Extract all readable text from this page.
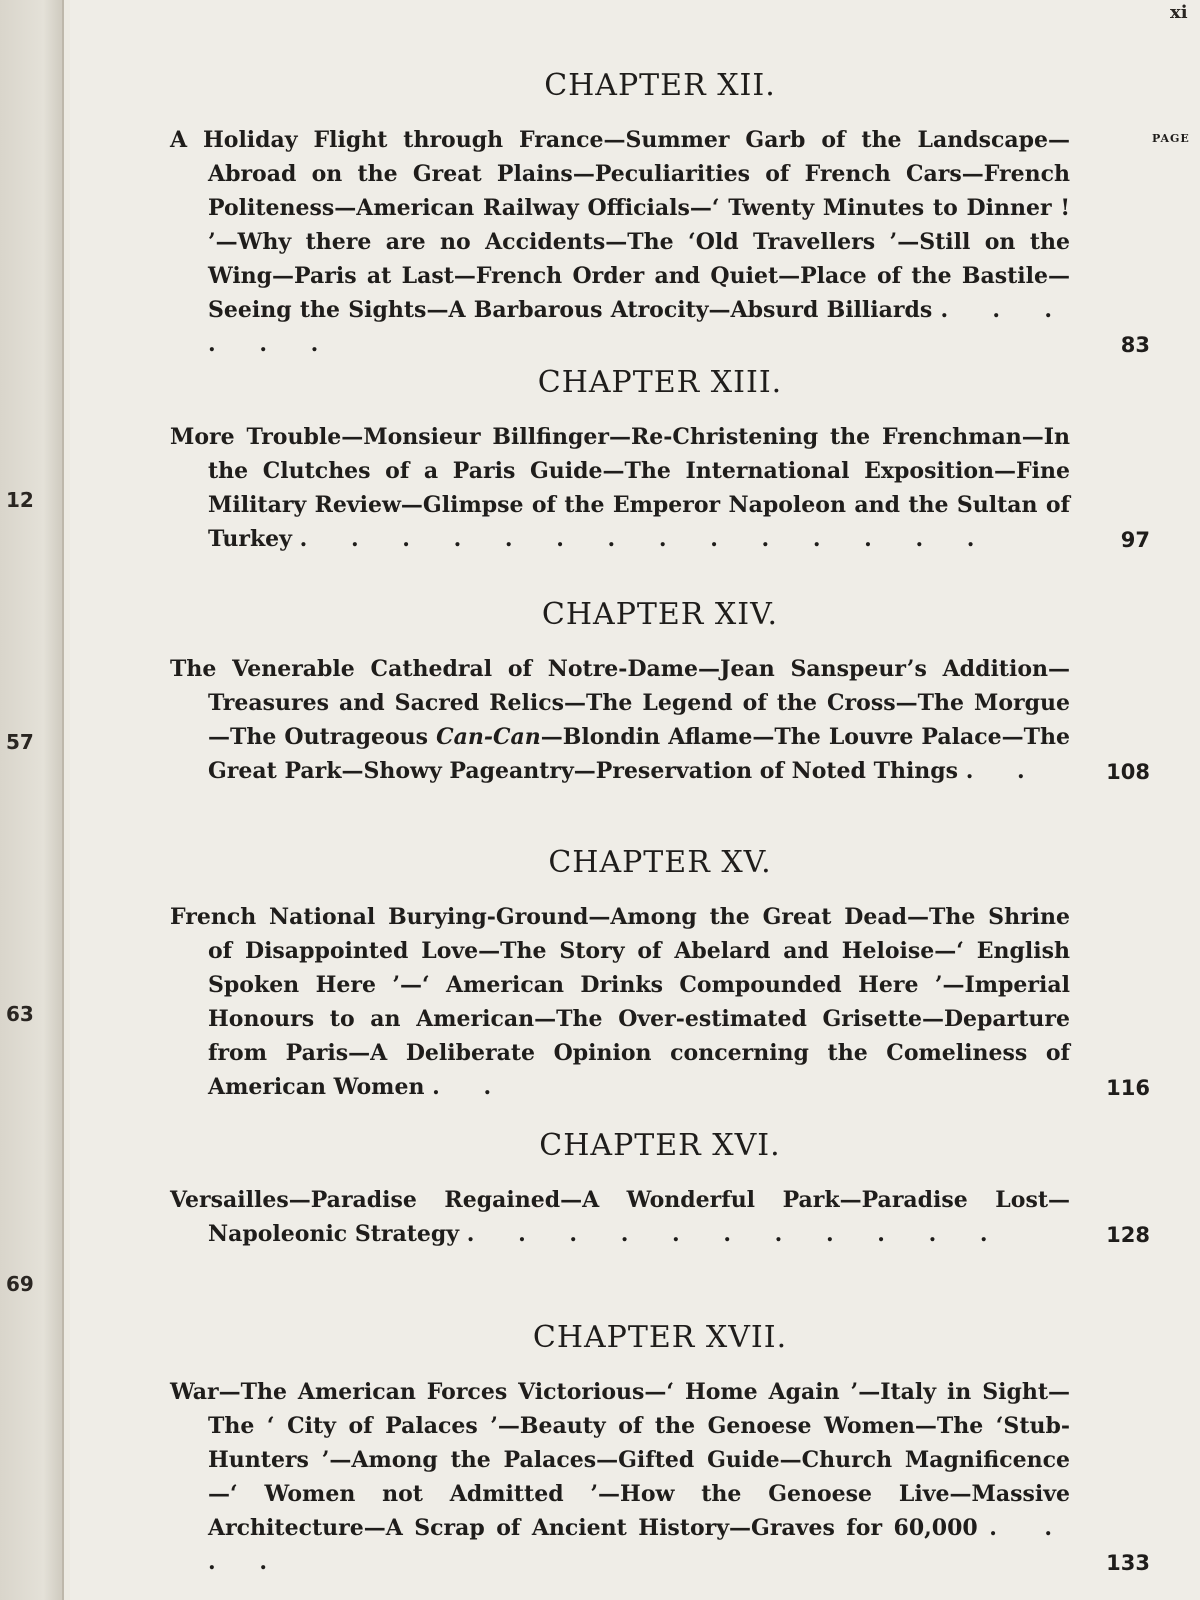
12
57
63
69
xi
PAGE
CHAPTER XII.

A Holiday Flight through France—Summer Garb of the Landscape—Abroad on the Great Plains—Peculiarities of French Cars—French Politeness—American Railway Officials—‘ Twenty Minutes to Dinner ! ’—Why there are no Accidents—The ‘Old Travellers ’—Still on the Wing—Paris at Last—French Order and Quiet—Place of the Bastile—Seeing the Sights—A Barbarous Atrocity—Absurd Billiards . . . . . .	83
CHAPTER XIII.

More Trouble—Monsieur Billfinger—Re-Christening the Frenchman—In the Clutches of a Paris Guide—The International Exposition—Fine Military Review—Glimpse of the Emperor Napoleon and the Sultan of Turkey . . . . . . . . . . . . . .	97
CHAPTER XIV.

The Venerable Cathedral of Notre-Dame—Jean Sanspeur’s Addition—Treasures and Sacred Relics—The Legend of the Cross—The Morgue—The Outrageous Can-Can—Blondin Aflame—The Louvre Palace—The Great Park—Showy Pageantry—Preservation of Noted Things . .	108
CHAPTER XV.

French National Burying-Ground—Among the Great Dead—The Shrine of Disappointed Love—The Story of Abelard and Heloise—‘ English Spoken Here ’—‘ American Drinks Compounded Here ’—Imperial Honours to an American—The Over-estimated Grisette—Departure from Paris—A Deliberate Opinion concerning the Comeliness of American Women . .	116
CHAPTER XVI.

Versailles—Paradise Regained—A Wonderful Park—Paradise Lost—Napoleonic Strategy . . . . . . . . . . .	128
CHAPTER XVII.

War—The American Forces Victorious—‘ Home Again ’—Italy in Sight—The ‘ City of Palaces ’—Beauty of the Genoese Women—The ‘Stub-Hunters ’—Among the Palaces—Gifted Guide—Church Magnificence—‘ Women not Admitted ’—How the Genoese Live—Massive Architecture—A Scrap of Ancient History—Graves for 60,000 . . . .	133
